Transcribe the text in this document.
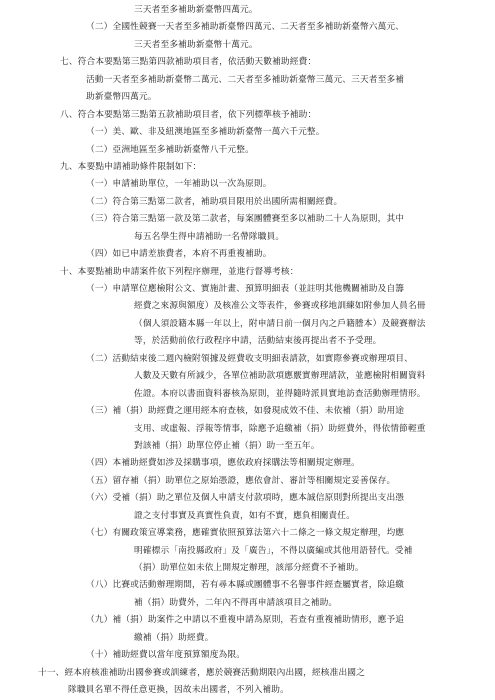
三天者至多補助新臺幣四萬元。
（二）全國性競賽一天者至多補助新臺幣四萬元、二天者至多補助新臺幣六萬元、
三天者至多補助新臺幣十萬元。
七、符合本要點第三點第四款補助項目者，依活動天數補助經費：
活動一天者至多補助新臺幣二萬元、二天者至多補助新臺幣三萬元、三天者至多補
助新臺幣四萬元。
八、符合本要點第三點第五款補助項目者，依下列標準核予補助：
（一）美、歐、非及紐澳地區至多補助新臺幣一萬六千元整。
（二）亞洲地區至多補助新臺幣八千元整。
九、本要點申請補助條件限制如下：
（一）申請補助單位，一年補助以一次為原則。
（二）符合第三點第二款者，補助項目限用於出國所需相關經費。
（三）符合第三點第一款及第二款者，每案團體賽至多以補助二十人為原則，其中
每五名學生得申請補助一名帶隊職員。
（四）如已申請差旅費者，本府不再重複補助。
十、本要點補助申請案件依下列程序辦理，並進行督導考核：
（一）申請單位應檢附公文、實施計畫、預算明細表（並註明其他機關補助及自籌
經費之來源與額度）及核准公文等表件，參賽或移地訓練如附參加人員名冊
（個人須設籍本縣一年以上，附申請日前一個月內之戶籍謄本）及競賽辦法
等，於活動前依行政程序申請，活動結束後再提出者不予受理。
（二）活動結束後二週內檢附領據及經費收支明細表請款，如實際參賽或辦理項目、
人數及天數有所減少，各單位補助款項應覈實辦理請款，並應檢附相關資料
佐證。本府以書面資料審核為原則，並得隨時派員實地訪查活動辦理情形。
（三）補（捐）助經費之運用經本府查核，如發現成效不佳、未依補（捐）助用途
支用、或虛報、浮報等情事，除應予追繳補（捐）助經費外，得依情節輕重
對該補（捐）助單位停止補（捐）助一至五年。
（四）本補助經費如涉及採購事項，應依政府採購法等相關規定辦理。
（五）留存補（捐）助單位之原始憑證，應依會計、審計等相關規定妥善保存。
（六）受補（捐）助之單位及個人申請支付款項時，應本誠信原則對所提出支出憑
證之支付事實及真實性負責，如有不實，應負相關責任。
（七）有關政策宣導業務，應確實依照預算法第六十二條之一條文規定辦理，均應
明確標示「南投縣政府」及「廣告」，不得以廣編或其他用語替代。受補
（捐）助單位如未依上開規定辦理，該部分經費不予補助。
（八）比賽或活動辦理期間，若有尋本縣或團體事不名譽事件經查屬實者，除追繳
補（捐）助費外，二年內不得再申請該項目之補助。
（九）補（捐）助案件之申請以不重複申請為原則，若查有重複補助情形，應予追
繳補（捐）助經費。
（十）補助經費以當年度預算額度為限。
十一、經本府核准補助出國參賽或訓練者，應於競賽活動期限內出國，經核准出國之
隊職員名單不得任意更換，因故未出國者，不列入補助。
